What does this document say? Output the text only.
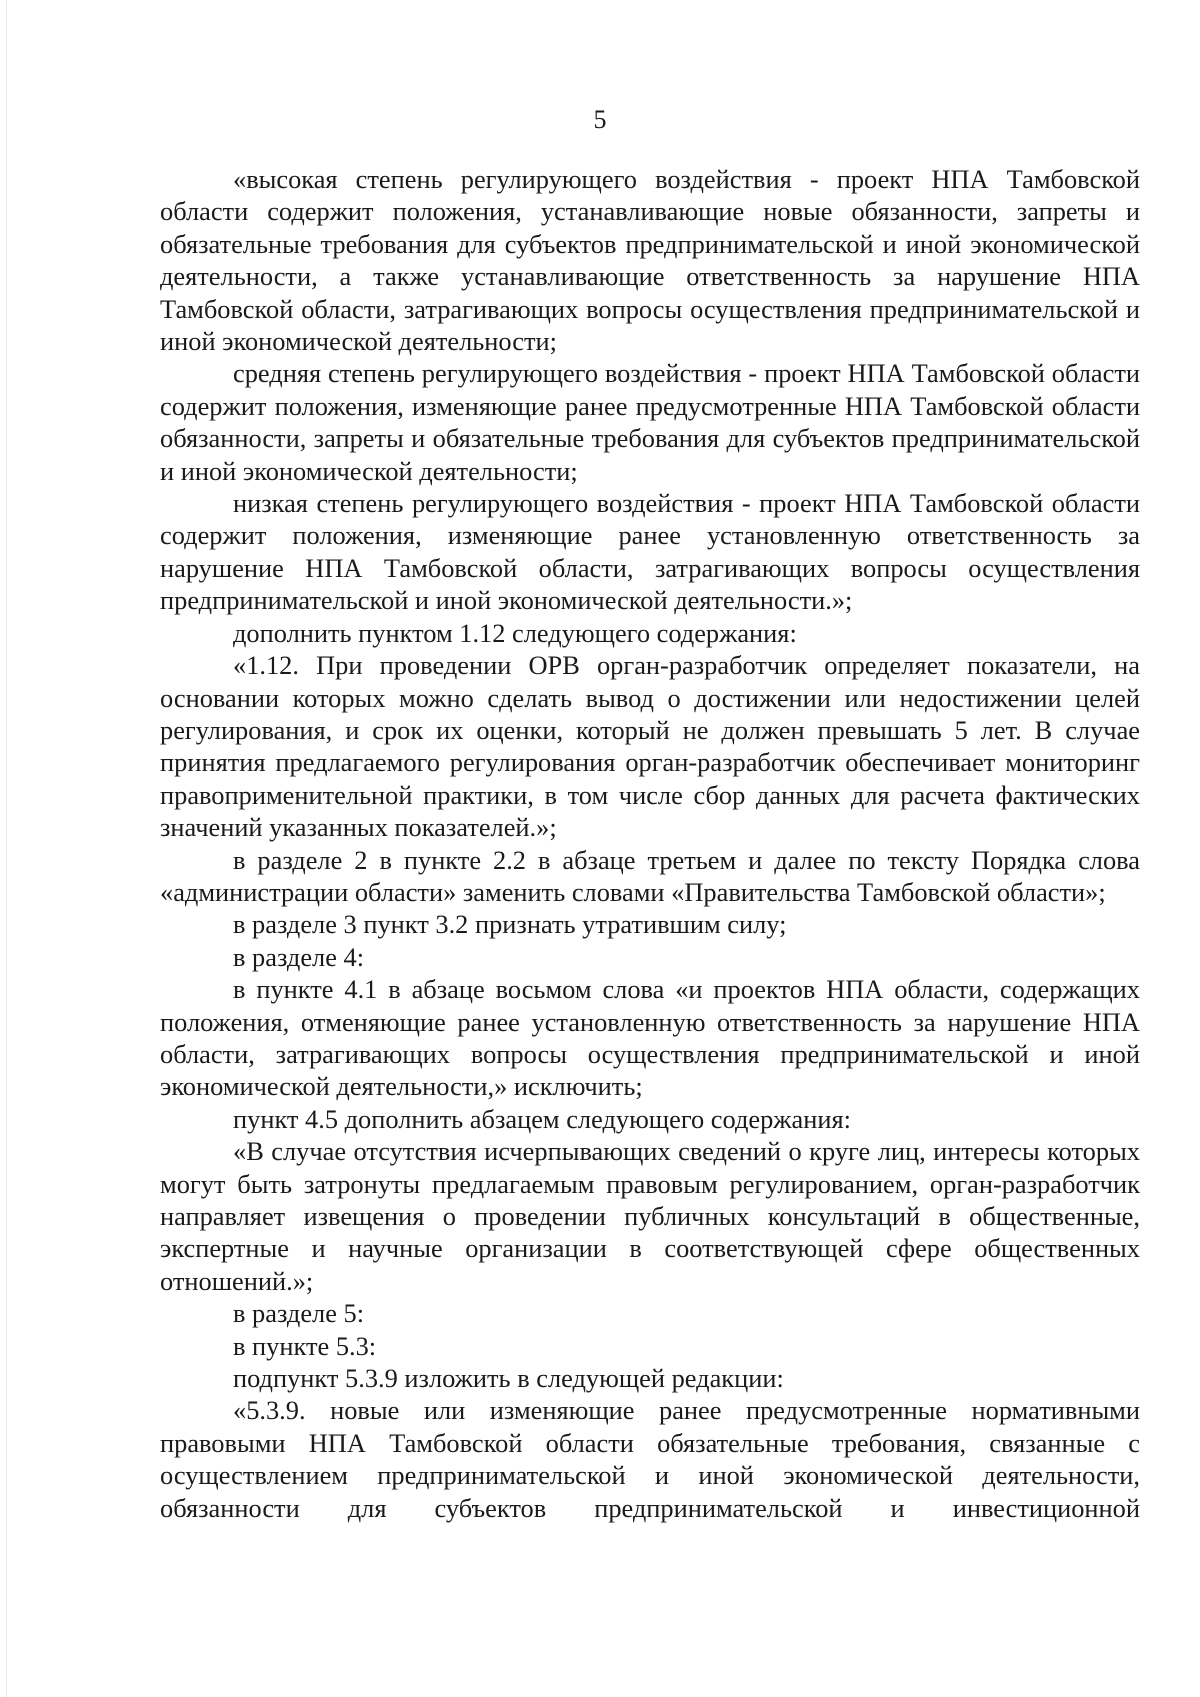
5

«высокая степень регулирующего воздействия - проект НПА Тамбовской области содержит положения, устанавливающие новые обязанности, запреты и обязательные требования для субъектов предпринимательской и иной экономической деятельности, а также устанавливающие ответственность за нарушение НПА Тамбовской области, затрагивающих вопросы осуществления предпринимательской и иной экономической деятельности;

средняя степень регулирующего воздействия - проект НПА Тамбовской области содержит положения, изменяющие ранее предусмотренные НПА Тамбовской области обязанности, запреты и обязательные требования для субъектов предпринимательской и иной экономической деятельности;

низкая степень регулирующего воздействия - проект НПА Тамбовской области содержит положения, изменяющие ранее установленную ответственность за нарушение НПА Тамбовской области, затрагивающих вопросы осуществления предпринимательской и иной экономической деятельности.»;

дополнить пунктом 1.12 следующего содержания:

«1.12. При проведении ОРВ орган-разработчик определяет показатели, на основании которых можно сделать вывод о достижении или недостижении целей регулирования, и срок их оценки, который не должен превышать 5 лет. В случае принятия предлагаемого регулирования орган-разработчик обеспечивает мониторинг правоприменительной практики, в том числе сбор данных для расчета фактических значений указанных показателей.»;

в разделе 2 в пункте 2.2 в абзаце третьем и далее по тексту Порядка слова «администрации области» заменить словами «Правительства Тамбовской области»;

в разделе 3 пункт 3.2 признать утратившим силу;

в разделе 4:

в пункте 4.1 в абзаце восьмом слова «и проектов НПА области, содержащих положения, отменяющие ранее установленную ответственность за нарушение НПА области, затрагивающих вопросы осуществления предпринимательской и иной экономической деятельности,» исключить;

пункт 4.5 дополнить абзацем следующего содержания:

«В случае отсутствия исчерпывающих сведений о круге лиц, интересы которых могут быть затронуты предлагаемым правовым регулированием, орган-разработчик направляет извещения о проведении публичных консультаций в общественные, экспертные и научные организации в соответствующей сфере общественных отношений.»;

в разделе 5:

в пункте 5.3:

подпункт 5.3.9 изложить в следующей редакции:

«5.3.9. новые или изменяющие ранее предусмотренные нормативными правовыми НПА Тамбовской области обязательные требования, связанные с осуществлением предпринимательской и иной экономической деятельности, обязанности для субъектов предпринимательской и инвестиционной
